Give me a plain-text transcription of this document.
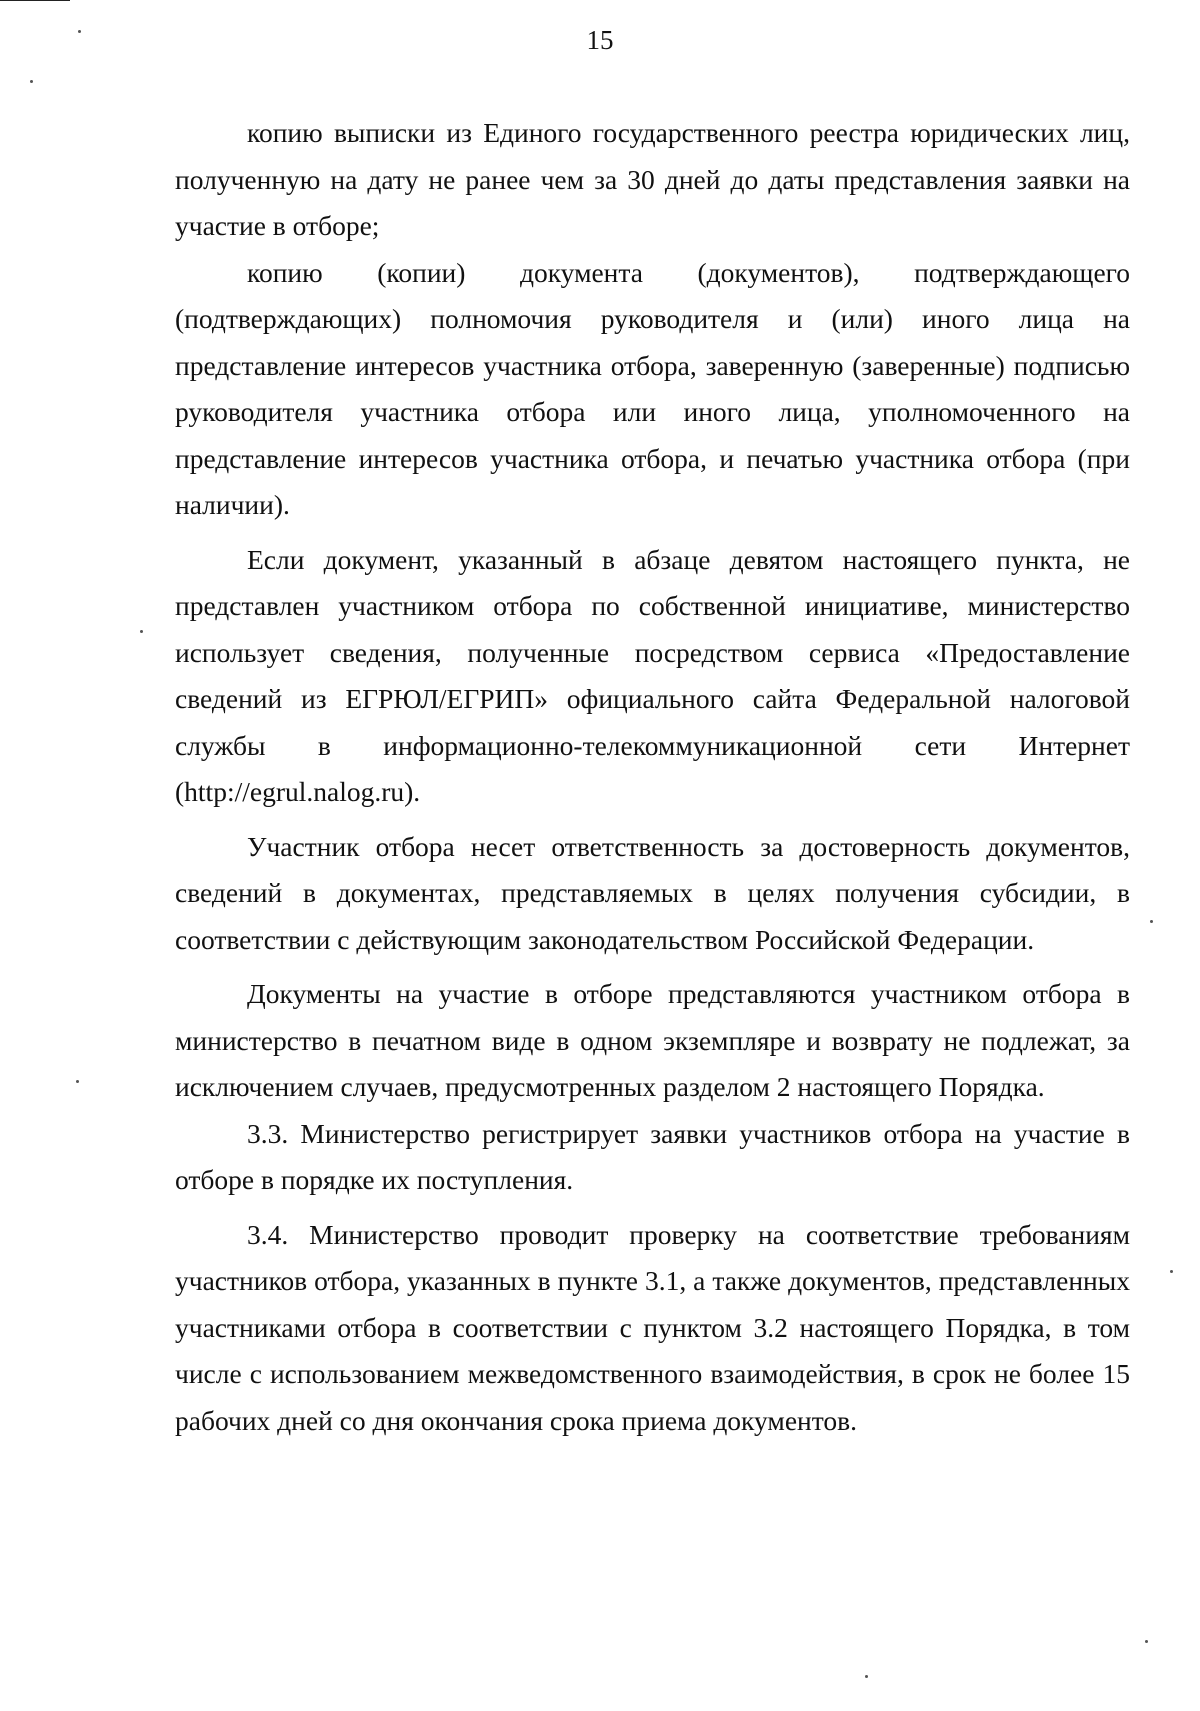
15

копию выписки из Единого государственного реестра юридических лиц, полученную на дату не ранее чем за 30 дней до даты представления заявки на участие в отборе;

копию (копии) документа (документов), подтверждающего (подтверждающих) полномочия руководителя и (или) иного лица на представление интересов участника отбора, заверенную (заверенные) подписью руководителя участника отбора или иного лица, уполномоченного на представление интересов участника отбора, и печатью участника отбора (при наличии).

Если документ, указанный в абзаце девятом настоящего пункта, не представлен участником отбора по собственной инициативе, министерство использует сведения, полученные посредством сервиса «Предоставление сведений из ЕГРЮЛ/ЕГРИП» официального сайта Федеральной налоговой службы в информационно-телекоммуникационной сети Интернет (http://egrul.nalog.ru).

Участник отбора несет ответственность за достоверность документов, сведений в документах, представляемых в целях получения субсидии, в соответствии с действующим законодательством Российской Федерации.

Документы на участие в отборе представляются участником отбора в министерство в печатном виде в одном экземпляре и возврату не подлежат, за исключением случаев, предусмотренных разделом 2 настоящего Порядка.

3.3. Министерство регистрирует заявки участников отбора на участие в отборе в порядке их поступления.

3.4. Министерство проводит проверку на соответствие требованиям участников отбора, указанных в пункте 3.1, а также документов, представленных участниками отбора в соответствии с пунктом 3.2 настоящего Порядка, в том числе с использованием межведомственного взаимодействия, в срок не более 15 рабочих дней со дня окончания срока приема документов.
